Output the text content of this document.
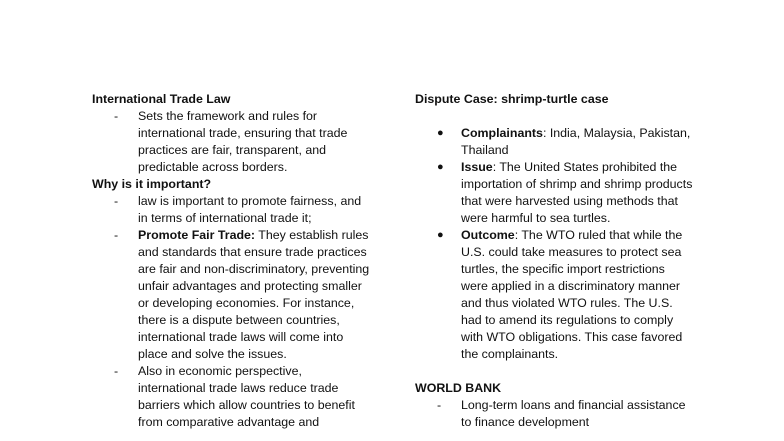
International Trade Law
- Sets the framework and rules for international trade, ensuring that trade practices are fair, transparent, and predictable across borders.
Why is it important?
- law is important to promote fairness, and in terms of international trade it;
- Promote Fair Trade: They establish rules and standards that ensure trade practices are fair and non-discriminatory, preventing unfair advantages and protecting smaller or developing economies. For instance, there is a dispute between countries, international trade laws will come into place and solve the issues.
- Also in economic perspective, international trade laws reduce trade barriers which allow countries to benefit from comparative advantage and
Dispute Case: shrimp-turtle case
● Complainants: India, Malaysia, Pakistan, Thailand
● Issue: The United States prohibited the importation of shrimp and shrimp products that were harvested using methods that were harmful to sea turtles.
● Outcome: The WTO ruled that while the U.S. could take measures to protect sea turtles, the specific import restrictions were applied in a discriminatory manner and thus violated WTO rules. The U.S. had to amend its regulations to comply with WTO obligations. This case favored the complainants.
WORLD BANK
- Long-term loans and financial assistance to finance development
